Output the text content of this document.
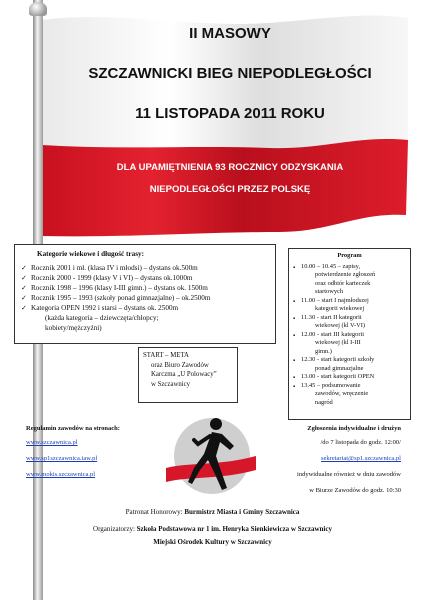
II MASOWY
SZCZAWNICKI BIEG NIEPODLEGŁOŚCI
11 LISTOPADA 2011 ROKU
DLA UPAMIĘTNIENIA 93 ROCZNICY ODZYSKANIA
NIEPODLEGŁOŚCI PRZEZ POLSKĘ
Kategorie wiekowe i długość trasy:
✓ Rocznik 2001 i mł. (klasa IV i młodsi) – dystans ok.500m
✓ Rocznik 2000 - 1999 (klasy V i VI) – dystans ok.1000m
✓ Rocznik 1998 – 1996 (klasy I-III gimn.) – dystans ok. 1500m
✓ Rocznik 1995 – 1993 (szkoły ponad gimnazjalne) – ok.2500m
✓ Kategoria OPEN 1992 i starsi – dystans ok. 2500m
(każda kategoria – dziewczęta/chłopcy;
kobiety/mężczyźni)
Program
▪ 10.00 – 10.45 – zapisy,
potwierdzenie zgłoszeń
oraz odbiór karteczek
startowych
▪ 11.00 – start I najmłodszej
kategorii wiekowej
▪ 11.30 - start II kategorii
wiekowej (kl V-VI)
▪ 12.00 - start III kategorii
wiekowej (kl I-III
gimn.)
▪ 12.30 - start kategorii szkoły
ponad gimnazjalne
▪ 13.00 - start kategorii OPEN
▪ 13.45 – podsumowanie
zawodów, wręczenie
nagród
START – META
oraz Biuro Zawodów
Karczma „U Polowacy”
w Szczawnicy
Regulamin zawodów na stronach:
www.szczawnica.pl
www.sp1szczawnica.iaw.pl
www.mokis.szczawnica.pl
Zgłoszenia indywidualne i drużyn
/do 7 listopada do godz. 12:00/
sekretariat@sp1.szczawnica.pl
indywidualne również w dniu zawodów
w Biurze Zawodów do godz. 10:30
Patronat Honorowy: Burmistrz Miasta i Gminy Szczawnica
Organizatorzy: Szkoła Podstawowa nr 1 im. Henryka Sienkiewicza w Szczawnicy
Miejski Ośrodek Kultury w Szczawnicy
